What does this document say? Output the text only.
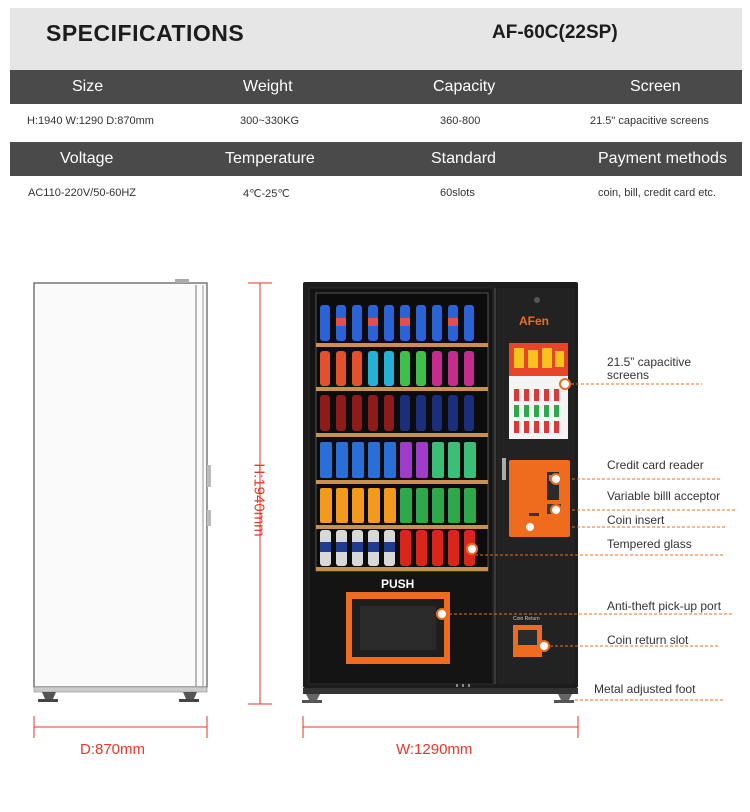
SPECIFICATIONS	AF-60C(22SP)
Size	Weight	Capacity	Screen
H:1940 W:1290 D:870mm	300~330KG	360-800	21.5" capacitive screens
Voltage	Temperature	Standard	Payment methods
AC110-220V/50-60HZ	4℃-25℃	60slots	coin, bill, credit card etc.
AFen
PUSH
Coin Return
H:1940mm
D:870mm	W:1290mm
21.5” capacitive
screens
Credit card reader
Variable billl acceptor
Coin insert
Tempered glass
Anti-theft pick-up port
Coin return slot
Metal adjusted foot
